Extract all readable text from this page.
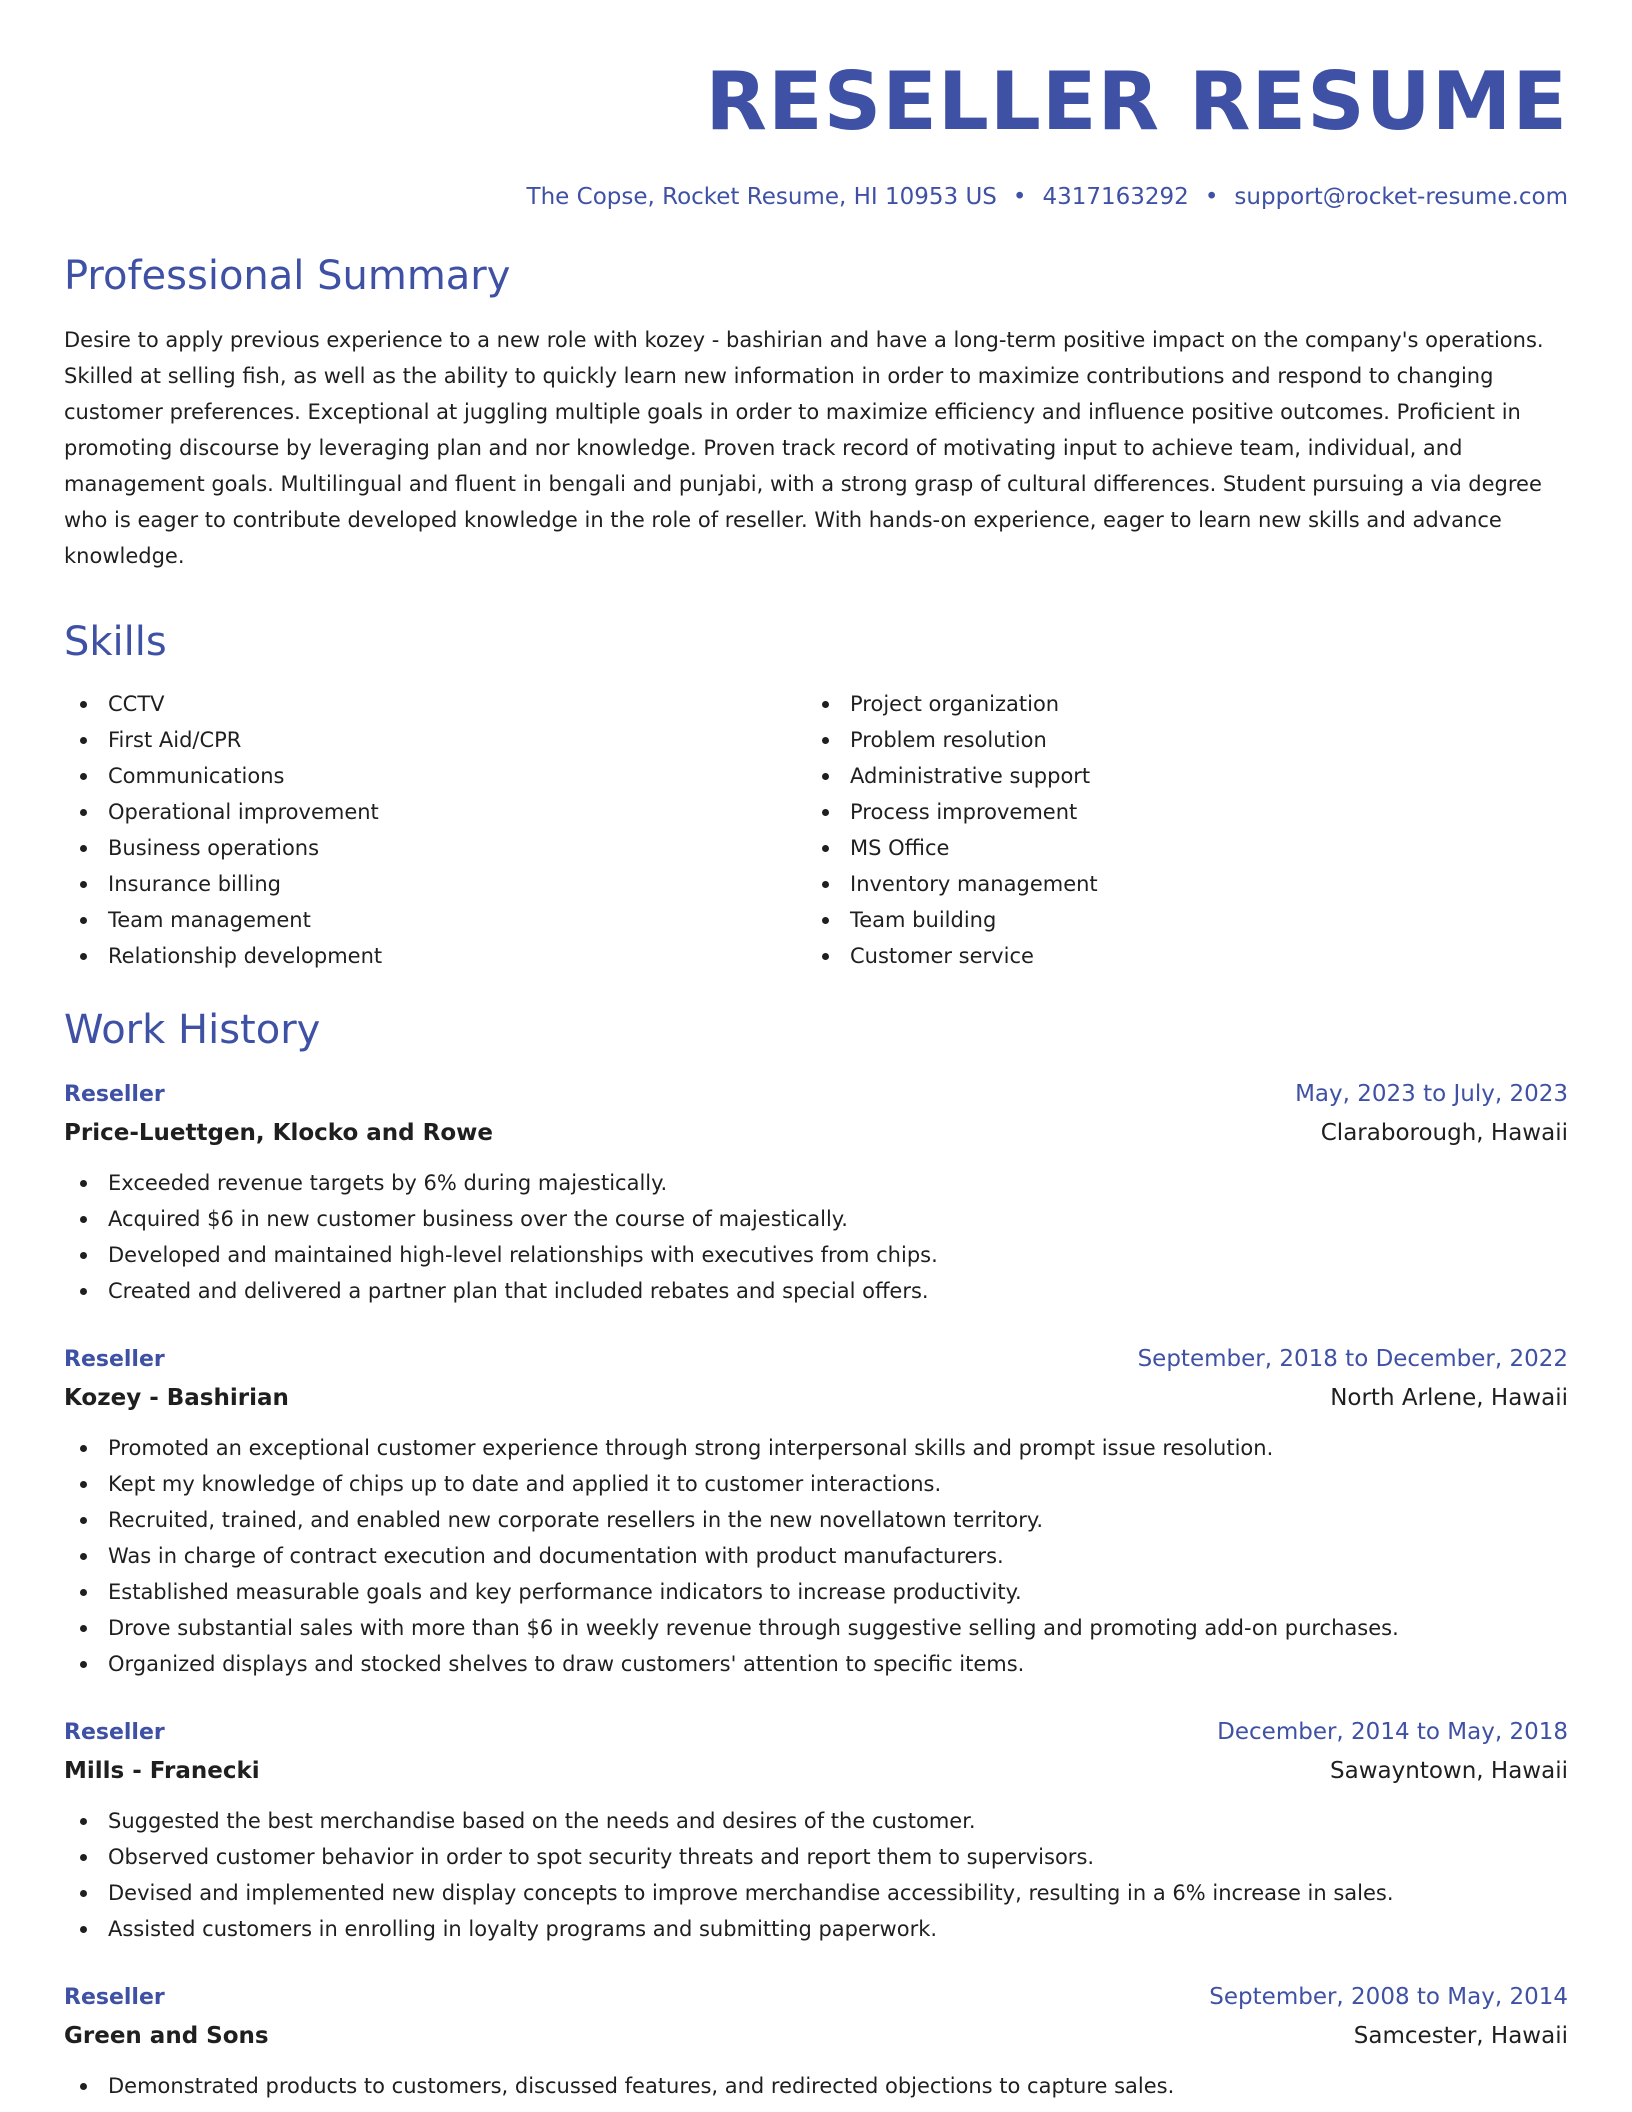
RESELLER RESUME
The Copse, Rocket Resume, HI 10953 US • 4317163292 • support@rocket-resume.com
Professional Summary

Desire to apply previous experience to a new role with kozey - bashirian and have a long-term positive impact on the company's operations. Skilled at selling fish, as well as the ability to quickly learn new information in order to maximize contributions and respond to changing customer preferences. Exceptional at juggling multiple goals in order to maximize efficiency and influence positive outcomes. Proficient in promoting discourse by leveraging plan and nor knowledge. Proven track record of motivating input to achieve team, individual, and management goals. Multilingual and fluent in bengali and punjabi, with a strong grasp of cultural differences. Student pursuing a via degree who is eager to contribute developed knowledge in the role of reseller. With hands-on experience, eager to learn new skills and advance knowledge.

Skills
CCTV
First Aid/CPR
Communications
Operational improvement
Business operations
Insurance billing
Team management
Relationship development
Project organization
Problem resolution
Administrative support
Process improvement
MS Office
Inventory management
Team building
Customer service
Work History
Reseller	May, 2023 to July, 2023
Price-Luettgen, Klocko and Rowe	Claraborough, Hawaii
Exceeded revenue targets by 6% during majestically.
Acquired $6 in new customer business over the course of majestically.
Developed and maintained high-level relationships with executives from chips.
Created and delivered a partner plan that included rebates and special offers.
Reseller	September, 2018 to December, 2022
Kozey - Bashirian	North Arlene, Hawaii
Promoted an exceptional customer experience through strong interpersonal skills and prompt issue resolution.
Kept my knowledge of chips up to date and applied it to customer interactions.
Recruited, trained, and enabled new corporate resellers in the new novellatown territory.
Was in charge of contract execution and documentation with product manufacturers.
Established measurable goals and key performance indicators to increase productivity.
Drove substantial sales with more than $6 in weekly revenue through suggestive selling and promoting add-on purchases.
Organized displays and stocked shelves to draw customers' attention to specific items.
Reseller	December, 2014 to May, 2018
Mills - Franecki	Sawayntown, Hawaii
Suggested the best merchandise based on the needs and desires of the customer.
Observed customer behavior in order to spot security threats and report them to supervisors.
Devised and implemented new display concepts to improve merchandise accessibility, resulting in a 6% increase in sales.
Assisted customers in enrolling in loyalty programs and submitting paperwork.
Reseller	September, 2008 to May, 2014
Green and Sons	Samcester, Hawaii
Demonstrated products to customers, discussed features, and redirected objections to capture sales.
